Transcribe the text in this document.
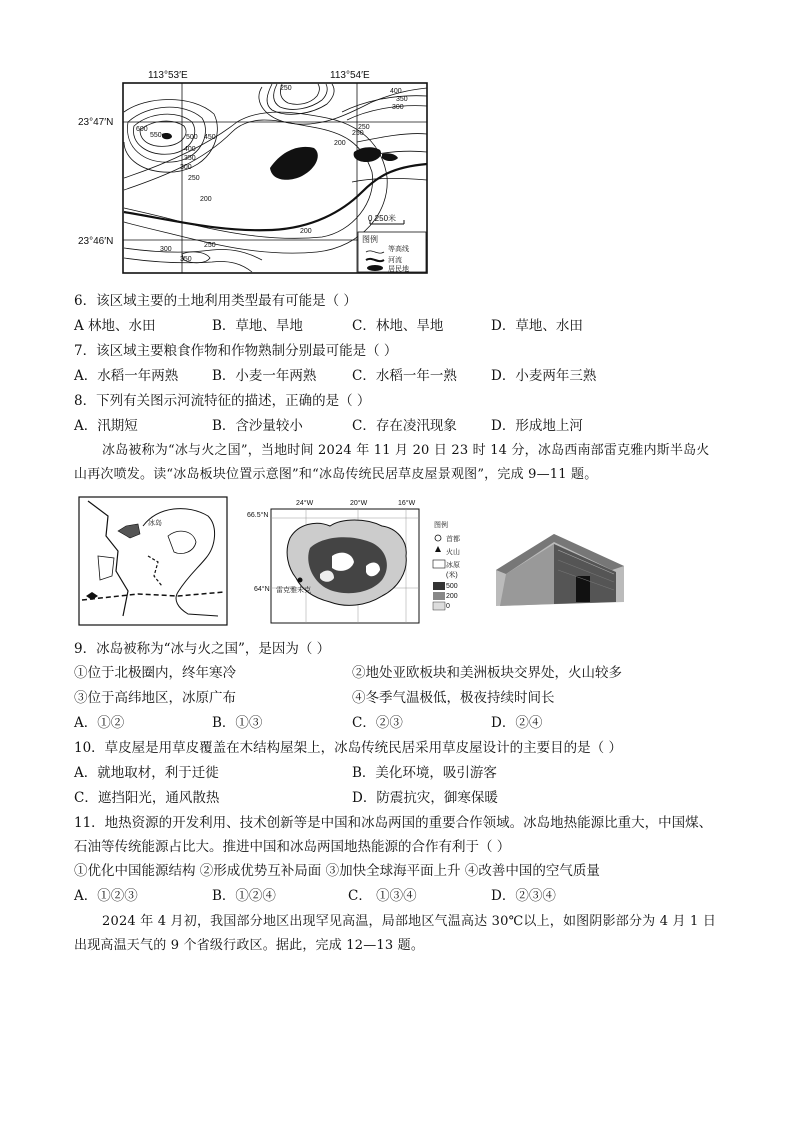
113°53′E	113°54′E
23°47′N
23°46′N
250	400
350
300
250
600
550	500 450
400
350
300
250
200
200
250
300
350
250
200
0 250米
图例
等高线
河流
居民地
6．该区域主要的土地利用类型最有可能是（ ）
A 林地、水田	B．草地、旱地	C．林地、旱地	D．草地、水田
7．该区域主要粮食作物和作物熟制分别最可能是（ ）
A．水稻一年两熟	B．小麦一年两熟	C．水稻一年一熟	D．小麦两年三熟
8．下列有关图示河流特征的描述，正确的是（ ）
A．汛期短	B．含沙量较小	C．存在凌汛现象	D．形成地上河
冰岛被称为“冰与火之国”，当地时间 2024 年 11 月 20 日 23 时 14 分，冰岛西南部雷克雅内斯半岛火山再次喷发。读“冰岛板块位置示意图”和“冰岛传统民居草皮屋景观图”，完成 9—11 题。
冰岛
24°W	20°W	16°W
66.5°N
64°N 雷克雅未克
图例
首都
火山
冰原
(米)
500
200
0
9．冰岛被称为“冰与火之国”，是因为（ ）
①位于北极圈内，终年寒冷	②地处亚欧板块和美洲板块交界处，火山较多
③位于高纬地区，冰原广布	④冬季气温极低，极夜持续时间长
A．①②	B．①③	C．②③	D．②④
10．草皮屋是用草皮覆盖在木结构屋架上，冰岛传统民居采用草皮屋设计的主要目的是（ ）
A．就地取材，利于迁徙	B．美化环境，吸引游客
C．遮挡阳光，通风散热	D．防震抗灾，御寒保暖
11．地热资源的开发利用、技术创新等是中国和冰岛两国的重要合作领域。冰岛地热能源比重大，中国煤、
石油等传统能源占比大。推进中国和冰岛两国地热能源的合作有利于（ ）
①优化中国能源结构 ②形成优势互补局面 ③加快全球海平面上升 ④改善中国的空气质量
A．①②③	B．①②④	C． ①③④	D．②③④
2024 年 4 月初，我国部分地区出现罕见高温，局部地区气温高达 30℃以上，如图阴影部分为 4 月 1 日出现高温天气的 9 个省级行政区。据此，完成 12—13 题。
